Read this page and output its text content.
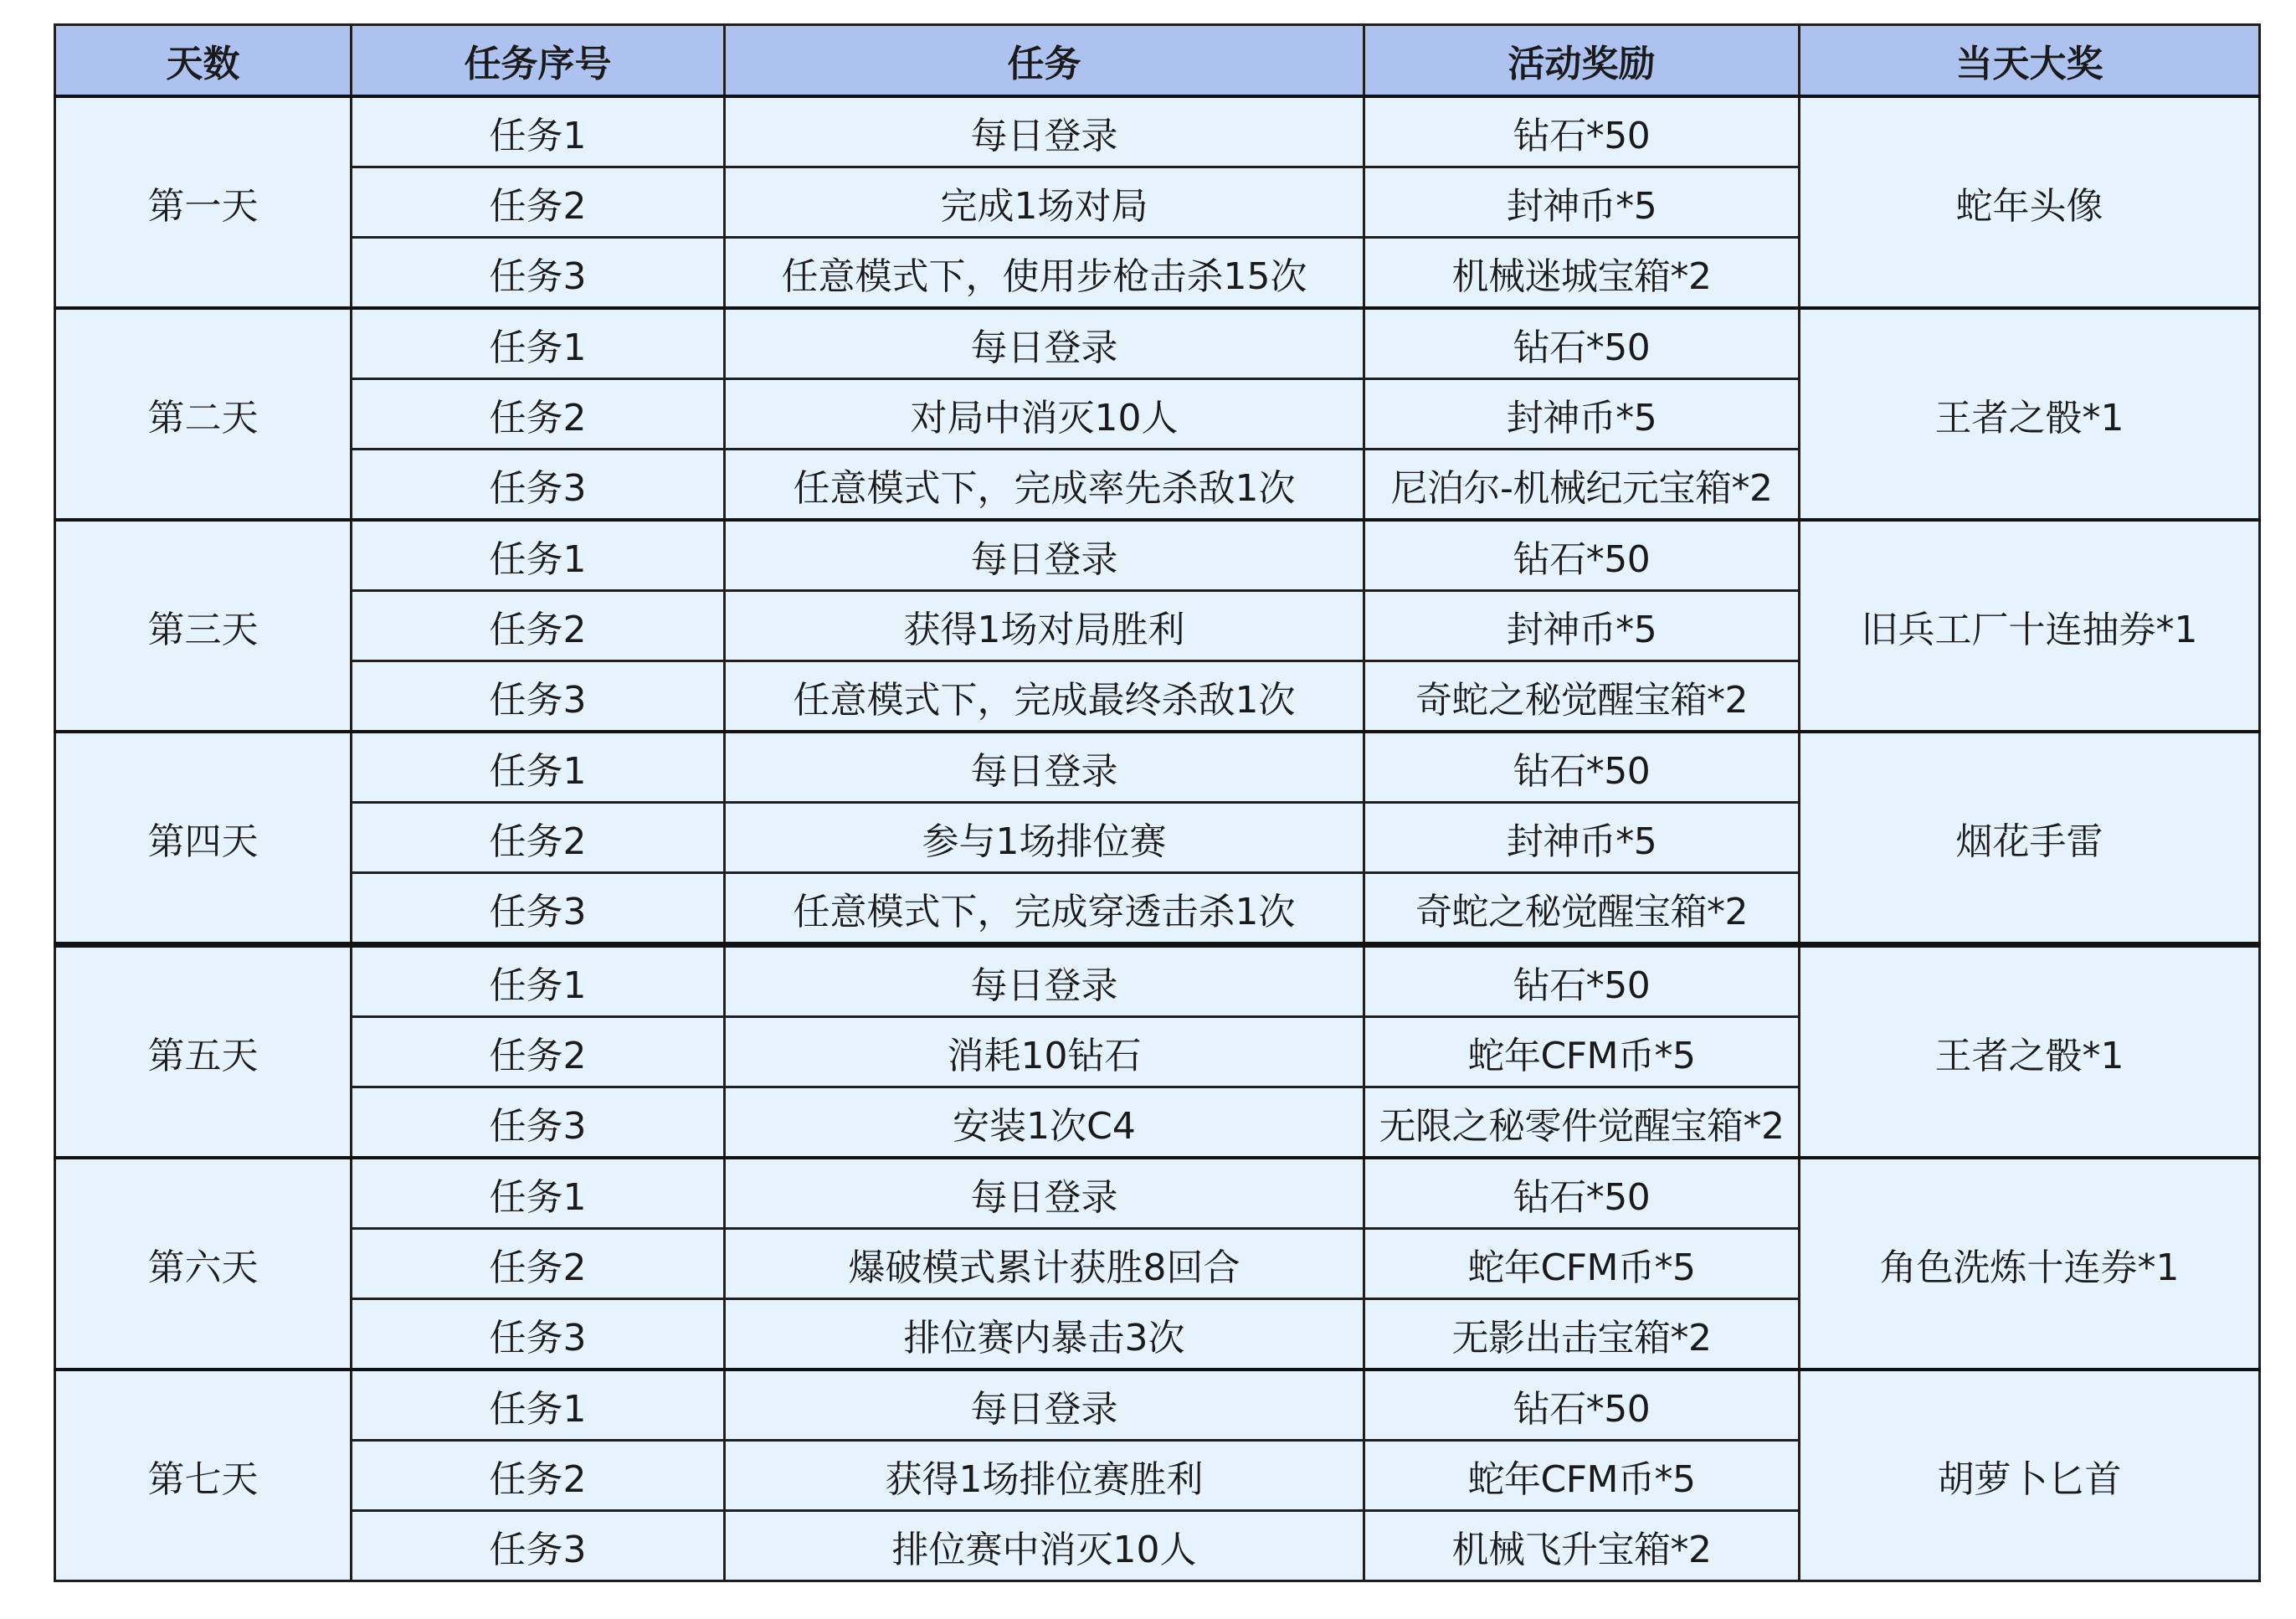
天数	任务序号	任务	活动奖励	当天大奖
第一天	任务1	每日登录	钻石*50	蛇年头像
	任务2	完成1场对局	封神币*5	
	任务3	任意模式下，使用步枪击杀15次	机械迷城宝箱*2	
第二天	任务1	每日登录	钻石*50	王者之骰*1
	任务2	对局中消灭10人	封神币*5	
	任务3	任意模式下，完成率先杀敌1次	尼泊尔-机械纪元宝箱*2	
第三天	任务1	每日登录	钻石*50	旧兵工厂十连抽券*1
	任务2	获得1场对局胜利	封神币*5	
	任务3	任意模式下，完成最终杀敌1次	奇蛇之秘觉醒宝箱*2	
第四天	任务1	每日登录	钻石*50	烟花手雷
	任务2	参与1场排位赛	封神币*5	
	任务3	任意模式下，完成穿透击杀1次	奇蛇之秘觉醒宝箱*2	
第五天	任务1	每日登录	钻石*50	王者之骰*1
	任务2	消耗10钻石	蛇年CFM币*5	
	任务3	安装1次C4	无限之秘零件觉醒宝箱*2	
第六天	任务1	每日登录	钻石*50	角色洗炼十连券*1
	任务2	爆破模式累计获胜8回合	蛇年CFM币*5	
	任务3	排位赛内暴击3次	无影出击宝箱*2	
第七天	任务1	每日登录	钻石*50	胡萝卜匕首
	任务2	获得1场排位赛胜利	蛇年CFM币*5	
	任务3	排位赛中消灭10人	机械飞升宝箱*2	
